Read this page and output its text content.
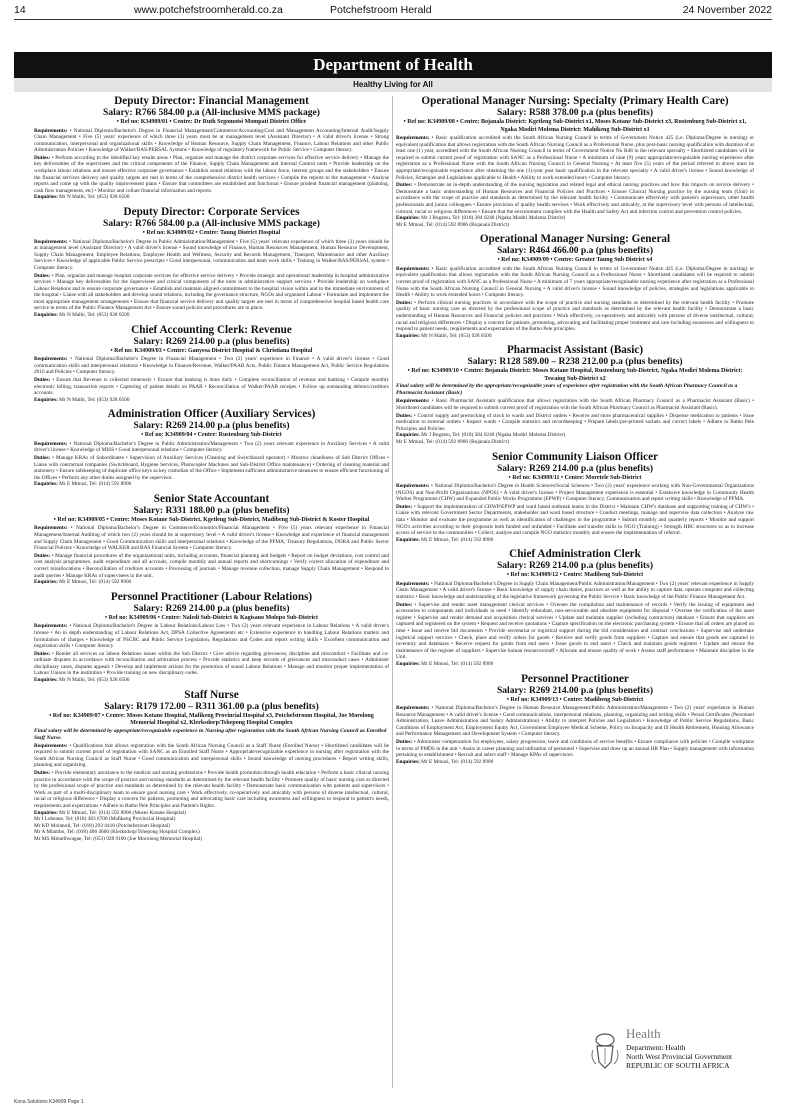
14	www.potchefstroomherald.co.za	Potchefstroom Herald	24 November 2022
Department of Health
Healthy Living for All
Deputy Director: Financial Management
Salary: R766 584.00 p.a (All-inclusive MMS package)
• Ref no: K34909/01 • Centre: Dr Ruth Segomotsi Mompati District Office
Requirements: • National Diploma/Bachelor's Degree in Financial Management/Commerce/Accounting/Cost and Management Accounting/Internal Audit/Supply Chain Management • Five (5) years' experience of which three (3) years must be at management level (Assistant Director) • A valid driver's license • Strong communication, interpersonal and organizational skills • Knowledge of Human Resource, Supply Chain Management, Finance, Labour Relations and other Public Administration Policies • Knowledge of Walker/BAS/PERSAL Systems • Knowledge of regulatory framework for Public Service • Computer literacy.
Duties: • Perform according to the identified key results areas • Plan, organize and manage the district corporate services for effective service delivery • Manage the key deliverables of the supervisees and the critical components of the Finance, Supply Chain Management and Internal Control units • Provide leadership on the workplace labour relations and ensure effective corporate governance • Establish sound relations with the labour force, interest groups and the stakeholders • Ensure the financial services delivery and quality targets are met in terms of the comprehensive district health services • Compile the reports to the management • Analyse reports and come up with the quality improvement plans • Ensure that committees are established and functional • Ensure prudent financial management (planning, cash flow management, etc) • Monitor and collate financial information and reports.
Enquiries: Mr N Malbi, Tel: (053) 928 0500
Deputy Director: Corporate Services
Salary: R766 584.00 p.a (All-inclusive MMS package)
• Ref no: K34909/02 • Centre: Taung District Hospital
Requirements: • National Diploma/Bachelor's Degree in Public Administration/Management • Five (5) years' relevant experience of which three (3) years should be at management level (Assistant Director) • A valid driver's license • Sound knowledge of Finance, Human Resources Management, Human Resource Development, Supply Chain Management, Employee Relations, Employee Health and Wellness, Security and Records Management, Transport, Maintenance and other Auxiliary Services • Knowledge of applicable Public Service prescripts • Good interpersonal, communication and team work skills • Training in Walker/BAS/PERSAL system • Computer literacy.
Duties: • Plan, organize and manage hospital corporate services for effective service delivery • Provide strategic and operational leadership in hospital administrative services • Manage key deliverables for the Supervisees and critical components of the units in administrative support services • Provide leadership on workplace Labour Relations and to ensure corporate governance • Establish and maintain aligned commitment to the hospital vision within and in the immediate environment of the hospital • Liaise with all stakeholders and develop sound relations, including the governance structure, NGOs and organized Labour • Formulate and implement the most appropriate management arrangements • Ensure that financial service delivery and quality targets are met in terms of comprehensive hospital based health care service in terms of the Public Finance Management Act • Ensure sound policies and procedures are in place.
Enquiries: Mr N Malbi, Tel: (053) 928 0500
Chief Accounting Clerk: Revenue
Salary: R269 214.00 p.a (plus benefits)
• Ref no: K34909/03 • Centre: Ganyesa District Hospital & Christiana Hospital
Requirements: • National Diploma/Bachelor's Degree in Financial Management • Two (2) years' experience in Finance • A valid driver's license • Good communication skills and interpersonal relations • Knowledge in Finance/Revenue, Walker/PAAB Acts, Public Finance Management Act, Public Service Regulations 2016 and Policies • Computer literacy.
Duties: • Ensure that Revenue is collected timeously • Ensure that banking is done daily • Complete reconciliation of revenue and banking • Compile monthly electronic billing, transaction reports • Capturing of patient details on PAAB • Reconciliation of Walker/PAAB receipts • Follow up outstanding debtors/creditors accounts.
Enquiries: Mr N Malbi, Tel: (053) 928 0500
Administration Officer (Auxiliary Services)
Salary: R269 214.00 p.a (plus benefits)
• Ref no: K34909/04 • Centre: Rustenburg Sub-District
Requirements: • National Diploma/Bachelor's Degree in Public Administration/Management • Two (2) years relevant experience in Auxiliary Services • A valid driver's license • Knowledge of MISS • Good interpersonal relations • Computer literacy.
Duties: • Manage KRAs of Subordinates • Supervision of Auxiliary Services (Cleaning and Switchboard operator) • Monitor cleanliness of Sub District Offices • Liaise with contractual companies (Switchboard, Hygiene Services, Photocopier Machines and Sub-District Office maintenance) • Ordering of cleaning material and stationery • Ensure safekeeping of duplicate office keys as key custodian of the Office • Implement sufficient administrative measures to ensure efficient functioning of the Offices • Perform any other duties assigned by the supervisor.
Enquiries: Mr E Mmusi, Tel: (014) 592 8906
Senior State Accountant
Salary: R331 188.00 p.a (plus benefits)
• Ref no: K34909/05 • Centre: Moses Kotane Sub-District, Kgetleng Sub-District, Madibeng Sub-District & Koster Hospital
Requirements: • National Diploma/Bachelor's Degree in Commerce/Economics/Financial Management • Five (5) years relevant experience in Financial Management/Internal Auditing of which two (2) years should be at supervisory level • A valid driver's license • Knowledge and experience of financial management and Supply Chain Management • Good Communication skills and interpersonal relations • Knowledge of the PFMA, Treasury Regulations, DORA and Public Sector Financial Policies • Knowledge of WALKER and BAS Financial System • Computer literacy.
Duties: • Manage financial procedures of the organizational units, including accounts, financial planning and budgets • Report on budget deviations, cost control and cost analysis programmes, audit expenditure and all accruals, compile monthly and annual reports and shortcomings • Verify correct allocation of expenditure and correct misallocations • Reconciliation of creditors accounts • Processing of journals • Manage revenue collection, manage Supply Chain Management • Respond to audit queries • Manage KRAs of supervisees in the unit.
Enquiries: Mr E Mmusi, Tel: (014) 592 8906
Personnel Practitioner (Labour Relations)
Salary: R269 214.00 p.a (plus benefits)
• Ref no: K34909/06 • Centre: Naledi Sub-District & Kagisano Molopo Sub-District
Requirements: • National Diploma/Bachelor's Degree in Labour Relations/Labour Law • Two (2) years relevant experience in Labour Relations • A valid driver's license • An in depth understanding of Labour Relations Act, DPSA Collective Agreements etc • Extensive experience in handling Labour Relations matters and formulation of charges • Knowledge of PSCBC and Public Service Legislation, Regulations and Codes and report writing skills • Excellent communication and negotiation skills • Computer literacy.
Duties: • Render all services on labour Relations issues within the Sub District • Give advice regarding grievances, discipline and misconduct • Facilitate and co-ordinate disputes in accordance with reconciliation and arbitration process • Provide statistics and keep records of grievances and misconduct cases • Administer disciplinary cases, disputes appeals • Develop and implement actions for the promotion of sound Labour Relations • Manage and monitor proper implementation of Labour Unions in the institution • Provide training on new disciplinary codes.
Enquiries: Mr N Malbi, Tel: (053) 928 0500
Staff Nurse
Salary: R179 172.00 – R311 361.00 p.a (plus benefits)
• Ref no: K34909/07 • Centre: Moses Kotane Hospital, Mafikeng Provincial Hospital x3, Potchefstroom Hospital, Joe Morolong Memorial Hospital x2, Klerksdorp/Tshepong Hospital Complex
Final salary will be determined by appropriate/recognizable experience in Nursing after registration with the South African Nursing Council as Enrolled Staff Nurse.
Requirements: • Qualifications that allows registration with the South African Nursing Council as a Staff Nurse (Enrolled Nurse) • Shortlisted candidates will be required to submit current proof of registration with SANC as an Enrolled Staff Nurse • Appropriate/recognizable experience in nursing after registration with the South African Nursing Council as Staff Nurse • Good communication and interpersonal skills • Sound knowledge of nursing procedures • Report writing skills, planning and organizing.
Duties: • Provide elementary assistance to the medical and nursing professions • Provide health promotion through health education • Perform a basic clinical nursing practice in accordance with the scope of practice and nursing standards as determined by the relevant health facility • Promote quality of basic nursing care as directed by the professional scope of practice and standards as determined by the relevant health facility • Demonstrate basic communication with patients and supervisors • Work as part of a multi-disciplinary team to ensure good nursing care • Work effectively, co-operatively and amicably with persons of diverse intellectual, cultural, racial or religious difference • Display a concern for patients, promoting and advocating basic care including awareness and willingness to respond to patient's needs, requirements and expectations • Adhere to Batho Pele Principles and Patient's Rights.
Enquiries: Mr E Mmusi, Tel: (014) 592 8906 (Moses Kotane Hospital)
Mr I Lebeane, Tel: (018) 383 6700 (Mafikeng Provincial Hospital)
Mr KD Molatudi, Tel: (018) 293 4418 (Potchefstroom Hospital)
Mr A Mlambo, Tel: (018) 406 4600 (Klerksdorp/Tshepong Hospital Complex)
Mr MS Mmutlhwagae, Tel: (053) 928 9100 (Joe Morolong Memorial Hospital)
Operational Manager Nursing: Specialty (Primary Health Care)
Salary: R588 378.00 p.a (plus benefits)
• Ref no: K34909/08 • Centre: Bojanala District: Kgetleng Sub-District x1, Moses Kotane Sub-District x3, Rustenburg Sub-District x1, Ngaka Modiri Molema District: Mahikeng Sub-District x1
Requirements: • Basic qualification accredited with the South African Nursing Council in terms of Government Notice 425 (i.e. Diploma/Degree in nursing) or equivalent qualification that allows registration with the South African Nursing Council as a Professional Nurse, plus post-basic nursing qualification with duration of at least one (1) year, accredited with the South African Nursing Council in terms of Government Notice No R48 in the relevant specialty • Shortlisted candidates will be required to submit current proof of registration with SANC as a Professional Nurse • A minimum of nine (9) years appropriate/recognisable nursing experience after registration as a Professional Nurse with the South African Nursing Council in General Nursing • At least five (5) years of the period referred to above must be appropriate/recognisable experience after obtaining the one (1)-year post basic qualification in the relevant specialty • A valid driver's license • Sound knowledge of Policies, Strategies and Legislations applicable to Health • Ability to work extended hours • Computer literacy.
Duties: • Demonstrate an in-depth understanding of the nursing legislation and related legal and ethical nursing practices and how this impacts on service delivery • Demonstrate a basic understanding of Human Resources and Financial Policies and Practices • Ensure Clinical Nursing practice by the nursing team (Unit) in accordance with the scope of practice and standards as determined by the relevant health facility • Communicate effectively with patient's supervisors, other health professionals and junior colleagues • Ensure provision of quality health services • Work effectively and amicably, at the supervisory level with persons of intellectual, cultural, racial or religious differences • Ensure that the environment complies with the Health and Safety Act and infection control and prevention control policies.
Enquiries: Mr J Bogatsu, Tel: (018) 384 0240 (Ngaka Modiri Molema District)
Mr E Mmusi, Tel: (014) 592 8906 (Bojanala District)
Operational Manager Nursing: General
Salary: R464 466.00 p.a (plus benefits)
• Ref no: K34909/09 • Centre: Greater Taung Sub District x4
Requirements: • Basic qualification accredited with the South African Nursing Council in terms of Government Notice 425 (i.e. Diploma/Degree in nursing) or equivalent qualification that allows registration with the South African Nursing Council as a Professional Nurse • Shortlisted candidates will be required to submit current proof of registration with SANC as a Professional Nurse • A minimum of 7 years appropriate/recognisable nursing experience after registration as a Professional Nurse with the South African Nursing Council in General Nursing • A valid driver's license • Sound knowledge of policies, strategies and legislations applicable to Health • Ability to work extended hours • Computer literacy.
Duties: • Perform clinical nursing practices in accordance with the scope of practice and nursing standards as determined by the relevant health facility • Promote quality of basic nursing care as directed by the professional scope of practice and standards as determined by the relevant health facility • Demonstrate a basic understanding of Human Resources and Financial policies and practices • Work effectively, co-operatively and amicably with persons of diverse intellectual, cultural, racial and religious differences • Display a concern for patients, promoting, advocating and facilitating proper treatment and care including awareness and willingness to respond to patient needs, requirements and expectations of the Batho Pele principles.
Enquiries: Mr N Malbi, Tel: (053) 928 0500
Pharmacist Assistant (Basic)
Salary: R128 589.00 – R238 212.00 p.a (plus benefits)
• Ref no: K34909/10 • Centre: Bojanala District: Moses Kotane Hospital, Rustenburg Sub-District, Ngaka Modiri Molema District: Tswaing Sub-District x2
Final salary will be determined by the appropriate/recognizable years of experience after registration with the South African Pharmacy Council as a Pharmacist Assistant (Basic)
Requirements: • Basic Pharmacist Assistant qualification that allows registration with the South African Pharmacy Council as a Pharmacist Assistant (Basic) • Shortlisted candidates will be required to submit current proof of registration with the South African Pharmacy Council as Pharmacist Assistant (Basic).
Duties: • Control supply and prestocking of stock to wards and District outlets • Receive and store pharmaceutical supplies • Dispense medication to patients • Issue medication to external outlets • Inspect wards • Compile statistics and recordkeeping • Prepare labels/pre-printed sachets and correct labels • Adhere to Batho Pele Principles and Policies.
Enquiries: Mr J Bogatsu, Tel: (018) 384 0240 (Ngaka Modiri Molema District)
Mr E Mmusi, Tel: (014) 592 8906 (Bojanala District)
Senior Community Liaison Officer
Salary: R269 214.00 p.a (plus benefits)
• Ref no: K34909/11 • Centre: Moretele Sub-District
Requirements: • National Diploma/Bachelor's Degree in Health Sciences/Social Sciences • Two (2) years' experience working with Non-Governmental Organizations (NGOS) and Non-Profit Organizations (NPOS) • A valid driver's license • Project Management experience is essential • Extensive knowledge in Community Health Worker Programme (CHW) and Expanded Public Works Programme (EPWP) • Computer literacy, Communication and report writing skills • Knowledge of PFMA.
Duties: • Support the implementation of CHWP/EPWP and ward based outbreak teams in the District • Maintain CHW's database and supporting training of CHW's • Liaise with relevant Government Sector Departments, stakeholder and ward based structure • Conduct meetings, manage and supervise data collection • Analyse raw data • Monitor and evaluate the programme as well as identification of challenges in the programme • Submit monthly and quarterly reports • Monitor and support NGO's activities according to their proposals both funded and unfunded • Facilitate and transfer skills to NGO (Training) • Strength HBC structures so as to increase access of service to the communities • Collect, analyse and compile NGO statistics monthly and ensure the implementation of referral.
Enquiries: Mr E Mmusi, Tel: (014) 592 8906
Chief Administration Clerk
Salary: R269 214.00 p.a (plus benefits)
• Ref no: K34909/12 • Centre: Madibeng Sub-District
Requirements: • National Diploma/Bachelor's Degree in Supply Chain Management/Public Administration/Management • Two (2) years' relevant experience in Supply Chain Management • A valid driver's license • Basic knowledge of supply chain duties, practices as well as the ability to capture data, operate computer and collecting statistics • Basic knowledge and understanding of the legislative framework governing the Public Service • Basic knowledge of the Public Finance Management Act.
Duties: • Supervise and render asset management clerical services • Oversee the compilation and maintenance of records • Verify the issuing of equipment and accessories to components and individuals in need • Identify redundant, non-serviceable and obsolete equipment for disposal • Oversee the verification of the asset register • Supervise and render demand and acquisition clerical services • Update and maintain supplier (including contractors) database • Ensure that suppliers are captured and registered on the system • Request and receive quotations • Capture specification on the electronic purchasing system • Ensure that all orders are placed on time • Issue and receive bid documents • Provide secretariat or logistical support during the bid consideration and contract conclusions • Supervise and undertake logistical support services • Check, place and verify orders for goods • Receive and verify goods from suppliers • Capture and ensure that goods are captured in inventory and databases • Receive request for goods from end users • Issue goods to end users • Check and maintain goods registers • Update and ensure the maintenance of the register of suppliers • Supervise human resources/staff • Allocate and ensure quality of work • Assess staff performance • Maintain discipline in the Unit.
Enquiries: Mr E Mmusi, Tel: (014) 592 8906
Personnel Practitioner
Salary: R269 214.00 p.a (plus benefits)
• Ref no: K34909/13 • Centre: Madibeng Sub-District
Requirements: • National Diploma/Bachelor's Degree in Human Resource Management/Public Administration/Management • Two (2) years' experience in Human Resource Management • A valid driver's license • Good communications, interpersonal relations, planning, organizing and writing skills • Persal Certificates (Personnel Administration, Leave Administration and Salary Administration) • Ability to interpret Policies and Legislation • Knowledge of Public Service Regulations, Basic Conditions of Employment Act, Employment Equity Act, Government Employee Medical Scheme, Policy on Incapacity and Ill Health Retirement, Housing Allowance and Performance Management and Development System • Computer literacy.
Duties: • Administer compensation for employees, salary progression, leave and conditions of service benefits • Ensure compliance with policies • Compile workplans in terms of PMDS in the unit • Assist in career planning and utilization of personnel • Supervise and draw up an annual HR Plan • Supply management with information pertaining to establishment • Recruit and select staff • Manage KPAs of supervisors.
Enquiries: Mr E Mmusi, Tel: (014) 592 8906
Health
Department: Health
North West Provincial Government
REPUBLIC OF SOUTH AFRICA
Kona Solutions K34909 Page 1
